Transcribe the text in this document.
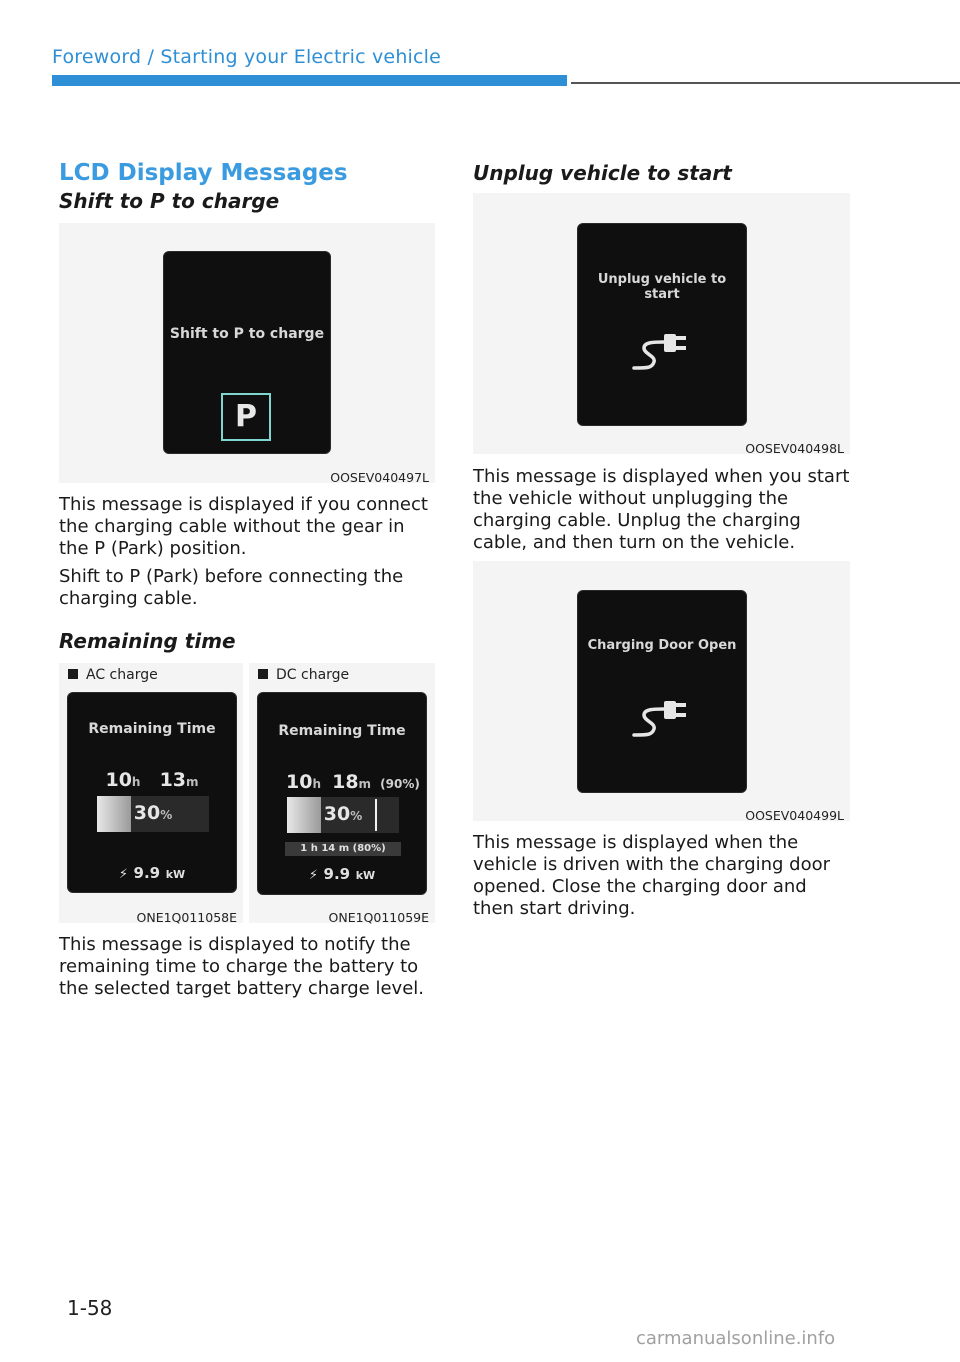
Foreword / Starting your Electric vehicle
LCD Display Messages
Shift to P to charge
Shift to P to charge
P
OOSEV040497L

This message is displayed if you connect the charging cable without the gear in the P (Park) position.

Shift to P (Park) before connecting the charging cable.

Remaining time
AC charge
Remaining Time
10h 13m
30%
⚡ 9.9 kW
ONE1Q011058E
DC charge
Remaining Time
10h 18m (90%)
30%
1 h 14 m (80%)
⚡ 9.9 kW
ONE1Q011059E
This message is displayed to notify the remaining time to charge the battery to the selected target battery charge level.
Unplug vehicle to start
Unplug vehicle to start
OOSEV040498L
This message is displayed when you start the vehicle without unplugging the charging cable. Unplug the charging cable, and then turn on the vehicle.
Charging Door Open
OOSEV040499L
This message is displayed when the vehicle is driven with the charging door opened. Close the charging door and then start driving.
1-58
carmanualsonline.info
